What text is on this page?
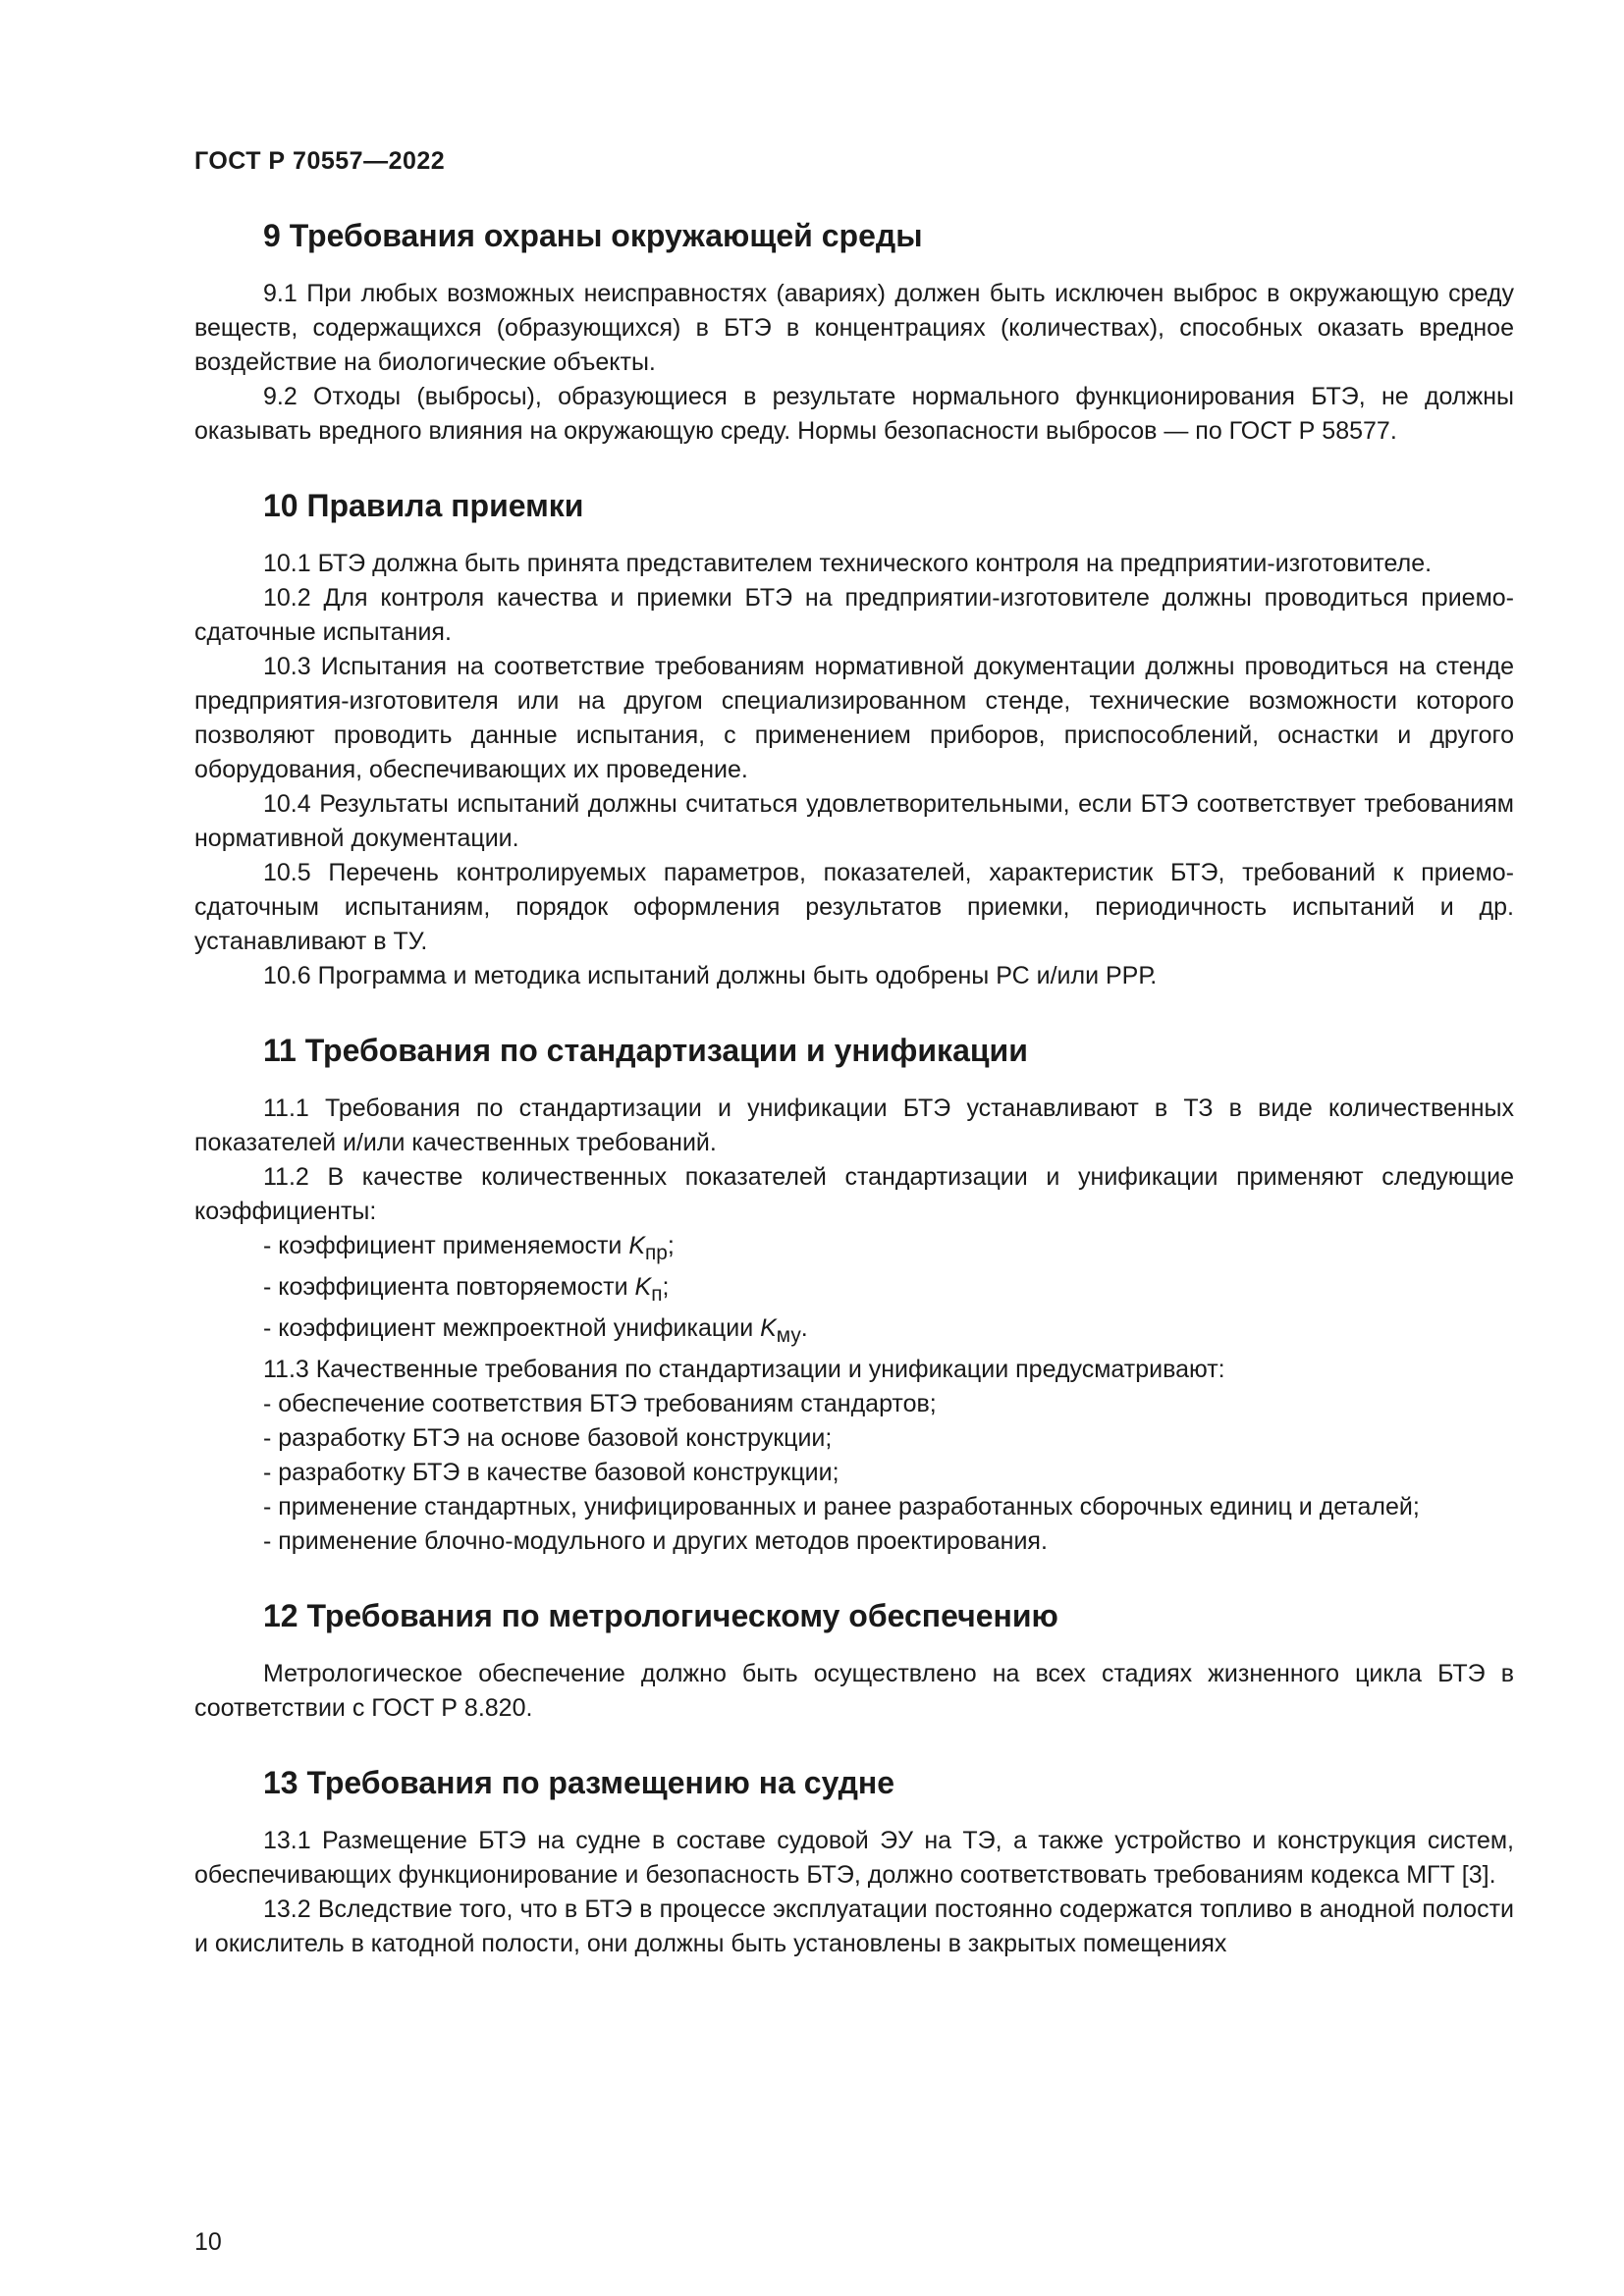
ГОСТ Р 70557—2022
9 Требования охраны окружающей среды

9.1 При любых возможных неисправностях (авариях) должен быть исключен выброс в окружающую среду веществ, содержащихся (образующихся) в БТЭ в концентрациях (количествах), способных оказать вредное воздействие на биологические объекты.

9.2 Отходы (выбросы), образующиеся в результате нормального функционирования БТЭ, не должны оказывать вредного влияния на окружающую среду. Нормы безопасности выбросов — по ГОСТ Р 58577.

10 Правила приемки

10.1 БТЭ должна быть принята представителем технического контроля на предприятии-изготовителе.

10.2 Для контроля качества и приемки БТЭ на предприятии-изготовителе должны проводиться приемо-сдаточные испытания.

10.3 Испытания на соответствие требованиям нормативной документации должны проводиться на стенде предприятия-изготовителя или на другом специализированном стенде, технические возможности которого позволяют проводить данные испытания, с применением приборов, приспособлений, оснастки и другого оборудования, обеспечивающих их проведение.

10.4 Результаты испытаний должны считаться удовлетворительными, если БТЭ соответствует требованиям нормативной документации.

10.5 Перечень контролируемых параметров, показателей, характеристик БТЭ, требований к приемо-сдаточным испытаниям, порядок оформления результатов приемки, периодичность испытаний и др. устанавливают в ТУ.

10.6 Программа и методика испытаний должны быть одобрены РС и/или РРР.

11 Требования по стандартизации и унификации

11.1 Требования по стандартизации и унификации БТЭ устанавливают в ТЗ в виде количественных показателей и/или качественных требований.

11.2 В качестве количественных показателей стандартизации и унификации применяют следующие коэффициенты:

- коэффициент применяемости $K_{пр}$;

- коэффициента повторяемости $K_п$;

- коэффициент межпроектной унификации $K_{му}$.

11.3 Качественные требования по стандартизации и унификации предусматривают:

- обеспечение соответствия БТЭ требованиям стандартов;

- разработку БТЭ на основе базовой конструкции;

- разработку БТЭ в качестве базовой конструкции;

- применение стандартных, унифицированных и ранее разработанных сборочных единиц и деталей;

- применение блочно-модульного и других методов проектирования.

12 Требования по метрологическому обеспечению

Метрологическое обеспечение должно быть осуществлено на всех стадиях жизненного цикла БТЭ в соответствии с ГОСТ Р 8.820.

13 Требования по размещению на судне

13.1 Размещение БТЭ на судне в составе судовой ЭУ на ТЭ, а также устройство и конструкция систем, обеспечивающих функционирование и безопасность БТЭ, должно соответствовать требованиям кодекса МГТ [3].

13.2 Вследствие того, что в БТЭ в процессе эксплуатации постоянно содержатся топливо в анодной полости и окислитель в катодной полости, они должны быть установлены в закрытых помещениях

10
